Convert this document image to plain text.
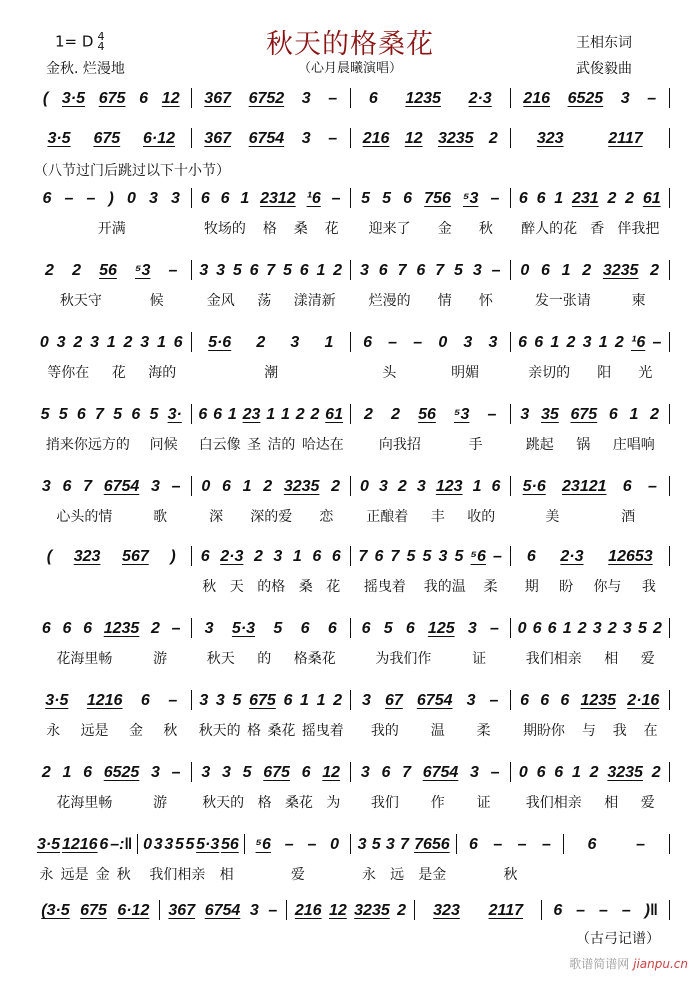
1= D 4
4	秋天的格桑花
金秋. 烂漫地	（心月晨曦演唱）
王相东词
武俊毅曲
（八节过门后跳过以下十小节）
( 3·5 675 6 12 367 6752 3 – 6 1235 2·3 216 6525 3 –
3·5 675 6·12 367 6754 3 – 216 12 3235 2 323	2117
6 – – ) 0 3 3 6 6 1 2312 ¹6 – 5 5 6 756 ⁵3 – 6 6 1 231 2 2 61
开满	牧场的 格 桑 花 迎来了 金 秋 醉人的花 香 伴我把
2 2 56 ⁵3 – 3 3 5 6 7 5 6 1 2 3 6 7 6 7 5 3 – 0 6 1 2 3235 2
秋天守	候	金风 荡 漾清新 烂漫的 情 怀	发一张请	柬
0 3 2 3 1 2 3 1 6 5·6 2 3 1 6 – – 0 3 3 6 6 1 2 3 1 2 ¹6 –
等你在 花 海的	潮	头	明媚	亲切的 阳 光
5 5 6 7 5 6 5 3· 6 6 1 23 1 1 2 2 61 2 2 56 ⁵3 – 3 35 675 6 1 2
捎来你远方的 问候 白云像 圣 洁的 哈达在	向我招	手	跳起 锅 庄唱响
3 6 7 6754 3 – 0 6 1 2 3235 2 0 3 2 3 123 1 6 5·6 23121 6 –
心头的情	歌	深 深的爱 恋 正酿着 丰 收的	美	酒
( 323 567 ) 6 2·3 2 3 1 6 6 7 6 7 5 5 3 5 ⁵6 – 6 2·3 12653
秋 天 的格 桑 花 摇曳着 我的温 柔 期 盼 你与 我
6 6 6 1235 2 – 3 5·3 5 6 6 6 5 6 125 3 – 0 6 6 1 2 3 2 3 5 2
花海里畅	游	秋天 的 格桑花	为我们作	证	我们相亲 相 爱
3·5 1216 6 – 3 3 5 675 6 1 1 2 3 67 6754 3 – 6 6 6 1235 2·16
永 远是 金 秋 秋天的 格 桑花 摇曳着 我的 温 柔 期盼你 与 我 在
2 1 6 6525 3 – 3 3 5 675 6 12 3 6 7 6754 3 – 0 6 6 1 2 3235 2
花海里畅	游	秋天的 格 桑花 为 我们 作 证	我们相亲 相 爱
3·5 1216 6 –:‖ 0 3 3 5 5 5·3 56 ⁵6 – – 0 3 5 3 7 7656 6 – – – 6 –
永 远是 金 秋 我们相亲 相	爱	永 远 是金	秋
(3·5 675 6·12 367 6754 3 – 216 12 3235 2 323 2117 6 – – – )‖
（古弓记谱）
歌谱简谱网 jianpu.cn
